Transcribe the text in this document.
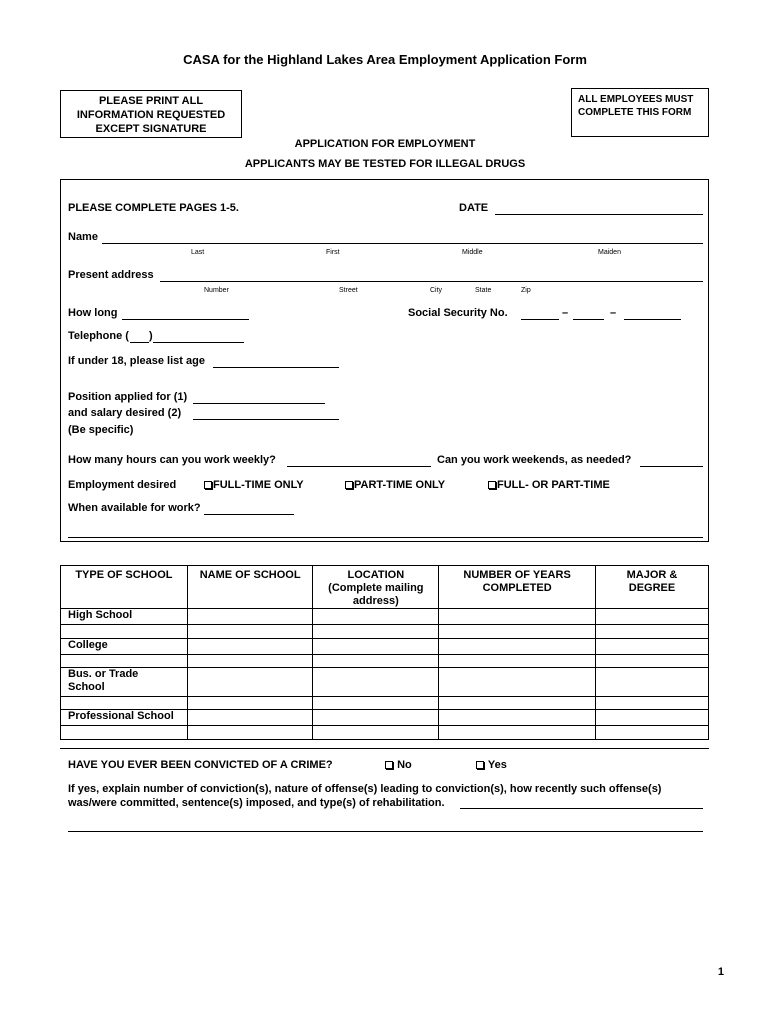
CASA for the Highland Lakes Area Employment Application Form
PLEASE PRINT ALL
INFORMATION REQUESTED
EXCEPT SIGNATURE
ALL EMPLOYEES MUST
COMPLETE THIS FORM
APPLICATION FOR EMPLOYMENT
APPLICANTS MAY BE TESTED FOR ILLEGAL DRUGS
PLEASE COMPLETE PAGES 1-5.	DATE
Name
Last	First	Middle	Maiden
Present address
Number	Street	City	State	Zip
How long	Social Security No.	–	–
Telephone ( )
If under 18, please list age
Position applied for (1)
and salary desired (2)
(Be specific)
How many hours can you work weekly?	Can you work weekends, as needed?
Employment desired	FULL-TIME ONLY	PART-TIME ONLY	FULL- OR PART-TIME
When available for work?
TYPE OF SCHOOL	NAME OF SCHOOL	LOCATION (Complete mailing address)	NUMBER OF YEARS COMPLETED	MAJOR & DEGREE
High School				

College				

Bus. or Trade School				

Professional School				

HAVE YOU EVER BEEN CONVICTED OF A CRIME?	No	Yes
If yes, explain number of conviction(s), nature of offense(s) leading to conviction(s), how recently such offense(s)
was/were committed, sentence(s) imposed, and type(s) of rehabilitation.
1
